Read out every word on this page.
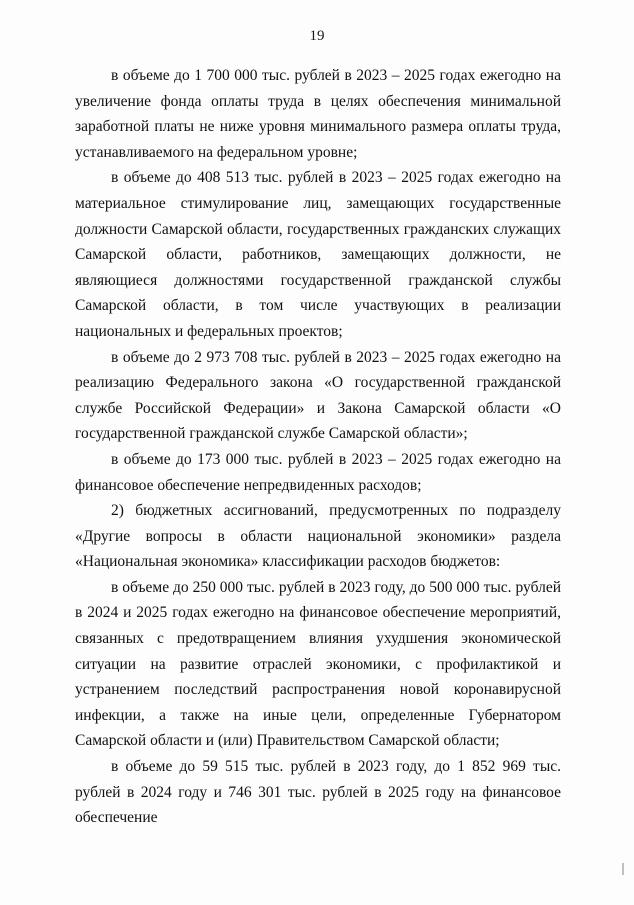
19

в объеме до 1 700 000 тыс. рублей в 2023 – 2025 годах ежегодно на увеличение фонда оплаты труда в целях обеспечения минимальной заработной платы не ниже уровня минимального размера оплаты труда, устанавливаемого на федеральном уровне;

в объеме до 408 513 тыс. рублей в 2023 – 2025 годах ежегодно на материальное стимулирование лиц, замещающих государственные должности Самарской области, государственных гражданских служащих Самарской области, работников, замещающих должности, не являющиеся должностями государственной гражданской службы Самарской области, в том числе участвующих в реализации национальных и федеральных проектов;

в объеме до 2 973 708 тыс. рублей в 2023 – 2025 годах ежегодно на реализацию Федерального закона «О государственной гражданской службе Российской Федерации» и Закона Самарской области «О государственной гражданской службе Самарской области»;

в объеме до 173 000 тыс. рублей в 2023 – 2025 годах ежегодно на финансовое обеспечение непредвиденных расходов;

2) бюджетных ассигнований, предусмотренных по подразделу «Другие вопросы в области национальной экономики» раздела «Национальная экономика» классификации расходов бюджетов:

в объеме до 250 000 тыс. рублей в 2023 году, до 500 000 тыс. рублей в 2024 и 2025 годах ежегодно на финансовое обеспечение мероприятий, связанных с предотвращением влияния ухудшения экономической ситуации на развитие отраслей экономики, с профилактикой и устранением последствий распространения новой коронавирусной инфекции, а также на иные цели, определенные Губернатором Самарской области и (или) Правительством Самарской области;

в объеме до 59 515 тыс. рублей в 2023 году, до 1 852 969 тыс. рублей в 2024 году и 746 301 тыс. рублей в 2025 году на финансовое обеспечение
